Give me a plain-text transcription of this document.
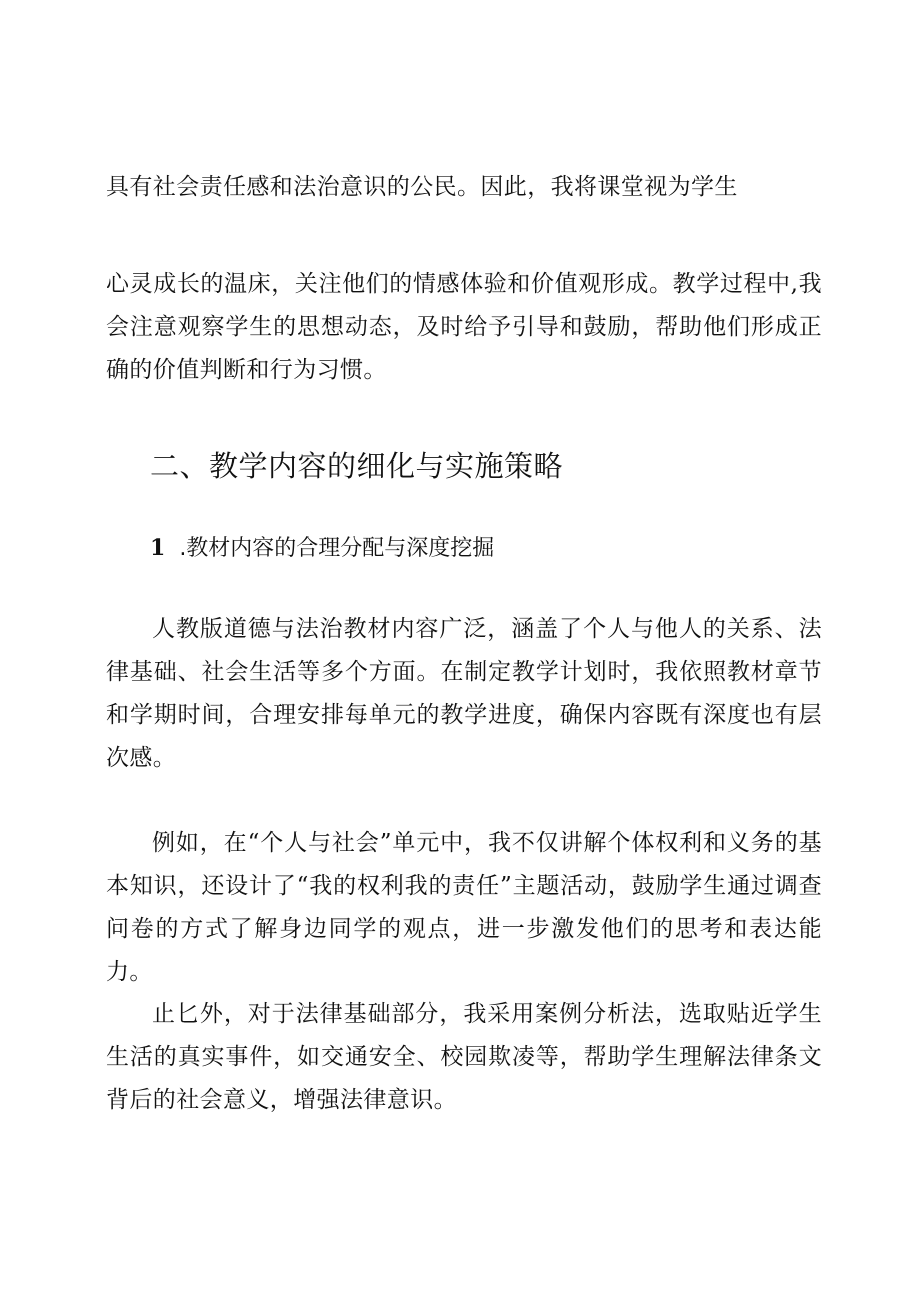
具有社会责任感和法治意识的公民。因此，我将课堂视为学生

心灵成长的温床，关注他们的情感体验和价值观形成。教学过程中,我会注意观察学生的思想动态，及时给予引导和鼓励，帮助他们形成正确的价值判断和行为习惯。

二、教学内容的细化与实施策略
1 .教材内容的合理分配与深度挖掘

人教版道德与法治教材内容广泛，涵盖了个人与他人的关系、法律基础、社会生活等多个方面。在制定教学计划时，我依照教材章节和学期时间，合理安排每单元的教学进度，确保内容既有深度也有层次感。

例如，在“个人与社会”单元中，我不仅讲解个体权利和义务的基本知识，还设计了“我的权利我的责任”主题活动，鼓励学生通过调查问卷的方式了解身边同学的观点，进一步激发他们的思考和表达能力。

止匕外，对于法律基础部分，我采用案例分析法，选取贴近学生生活的真实事件，如交通安全、校园欺凌等，帮助学生理解法律条文背后的社会意义，增强法律意识。
